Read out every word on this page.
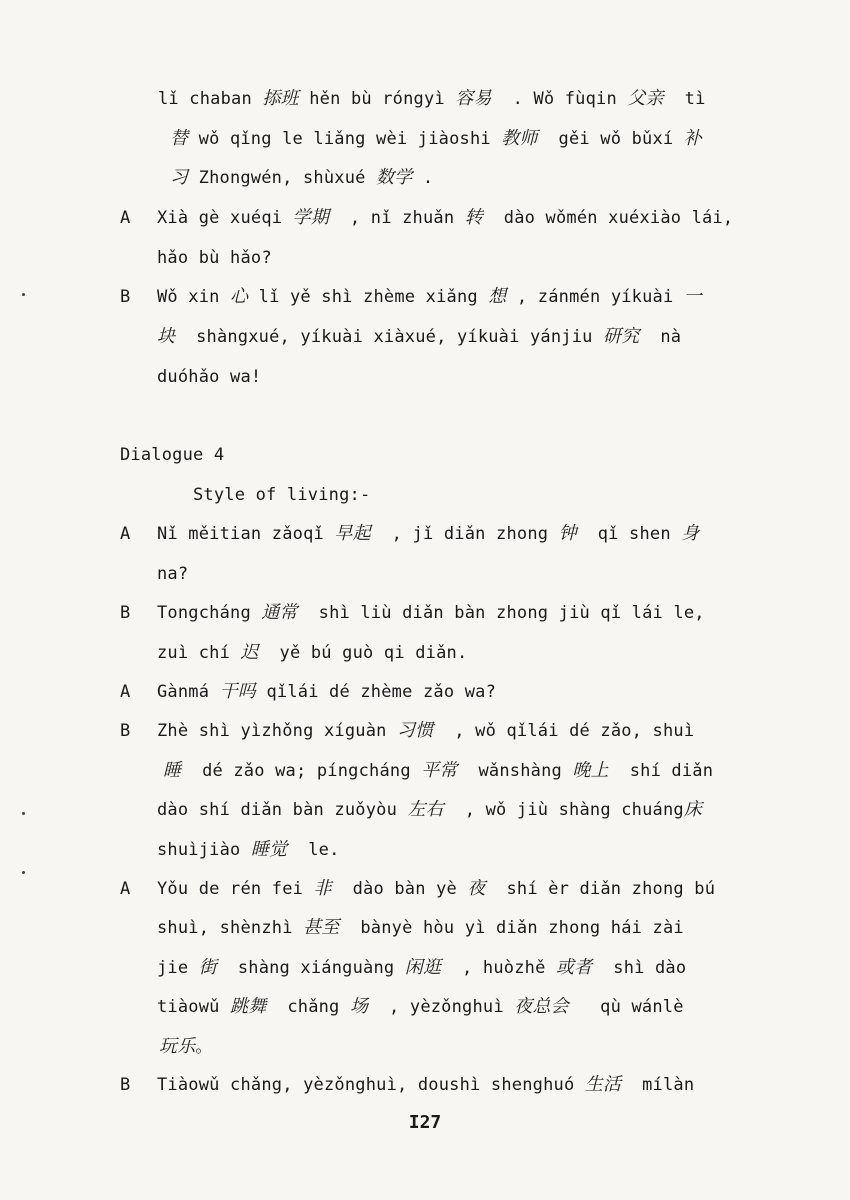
lǐ chaban 掭班 hěn bù róngyì 容易  . Wǒ fùqin 父亲  tì
替 wǒ qǐng le liǎng wèi jiàoshi 教师  gěi wǒ bǔxí 补
习 Zhongwén, shùxué 数学 .
A Xià gè xuéqi 学期  , nǐ zhuǎn 转  dào wǒmén xuéxiào lái,
hǎo bù hǎo?
B Wǒ xin 心 lǐ yě shì zhème xiǎng 想 , zánmén yíkuài 一
块  shàngxué, yíkuài xiàxué, yíkuài yánjiu 研究  nà
duóhǎo wa!
Dialogue 4
Style of living:-
A Nǐ měitian zǎoqǐ 早起  , jǐ diǎn zhong 钟  qǐ shen 身
na?
B Tongcháng 通常  shì liù diǎn bàn zhong jiù qǐ lái le,
zuì chí 迟  yě bú guò qi diǎn.
A Gànmá 干吗 qǐlái dé zhème zǎo wa?
B Zhè shì yìzhǒng xíguàn 习惯  , wǒ qǐlái dé zǎo, shuì
睡  dé zǎo wa; píngcháng 平常  wǎnshàng 晚上  shí diǎn
dào shí diǎn bàn zuǒyòu 左右  , wǒ jiù shàng chuáng床
shuìjiào 睡觉  le.
A Yǒu de rén fei 非  dào bàn yè 夜  shí èr diǎn zhong bú
shuì, shènzhì 甚至  bànyè hòu yì diǎn zhong hái zài
jie 街  shàng xiánguàng 闲逛  , huòzhě 或者  shì dào
tiàowǔ 跳舞  chǎng 场  , yèzǒnghuì 夜总会   qù wánlè
玩乐。
B Tiàowǔ chǎng, yèzǒnghuì, doushì shenghuó 生活  mílàn
I27
